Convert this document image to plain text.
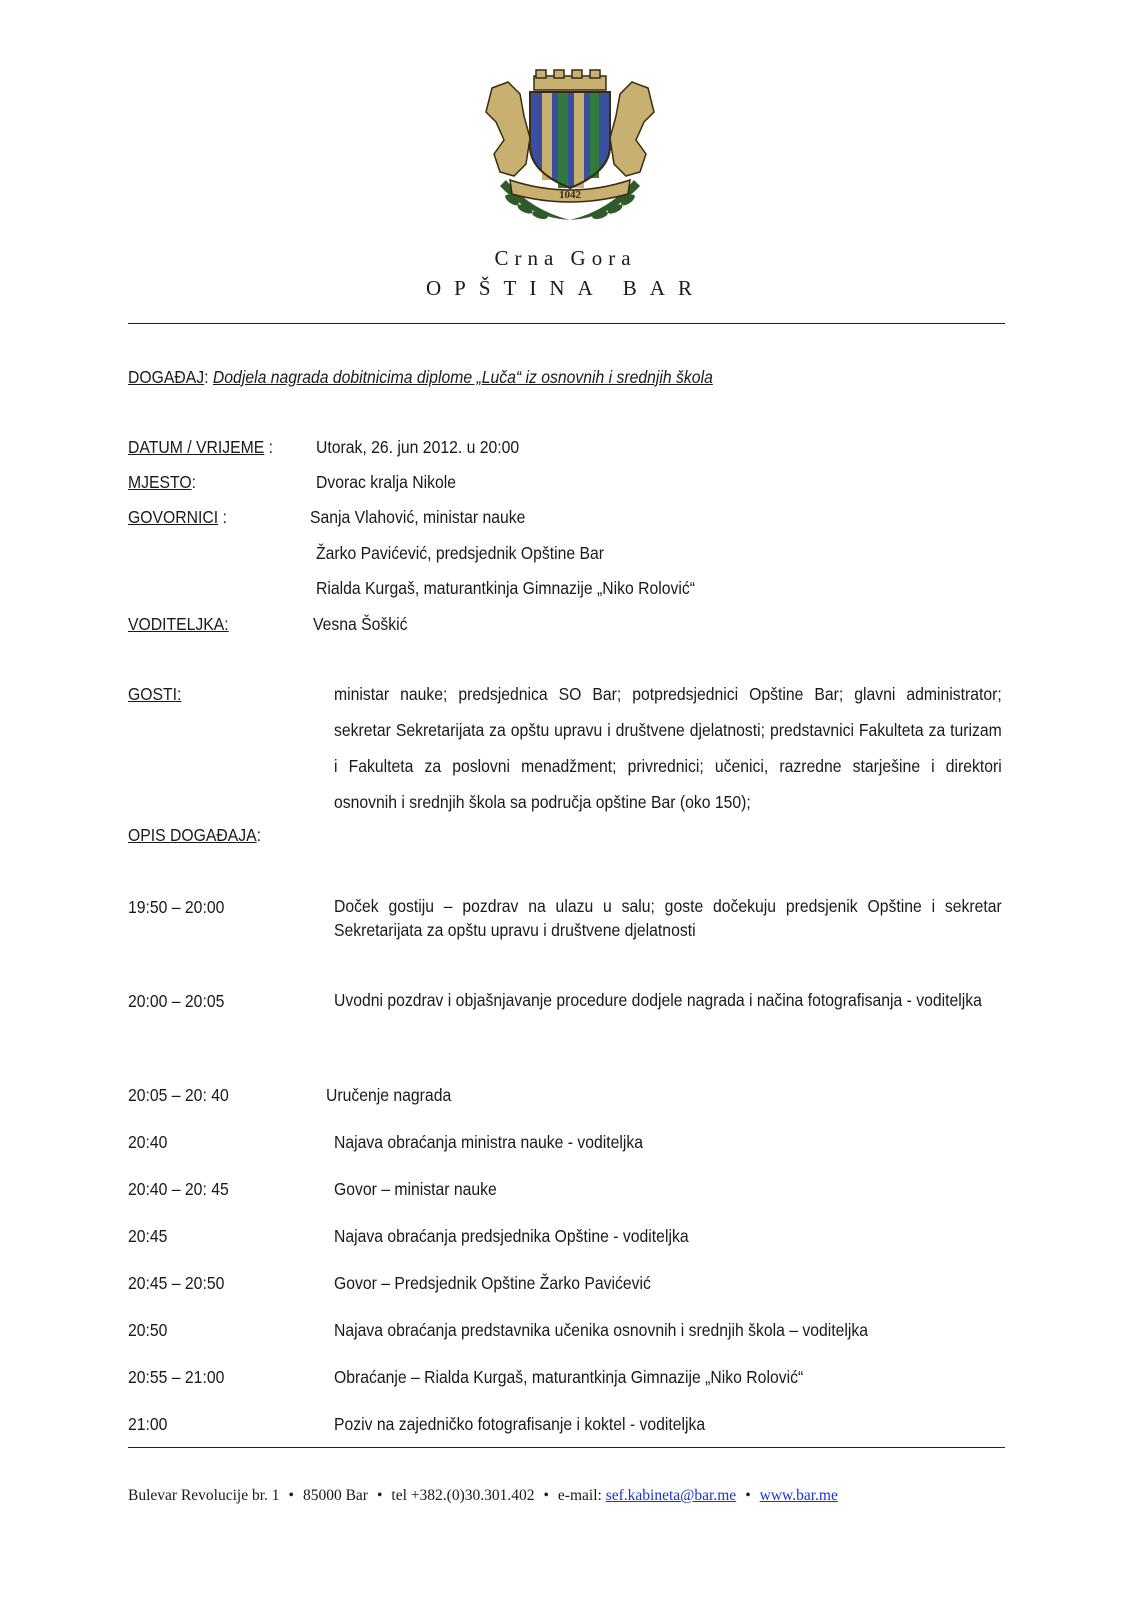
1042
Crna Gora
OPŠTINA BAR
DOGAĐAJ: Dodjela nagrada dobitnicima diplome „Luča“ iz osnovnih i srednjih škola
DATUM / VRIJEME : Utorak, 26. jun 2012. u 20:00
MJESTO:	Dvorac kralja Nikole
GOVORNICI :	Sanja Vlahović, ministar nauke
Žarko Pavićević, predsjednik Opštine Bar
Rialda Kurgaš, maturantkinja Gimnazije „Niko Rolović“
VODITELJKA:	Vesna Šoškić
GOSTI:	ministar nauke; predsjednica SO Bar; potpredsjednici Opštine Bar; glavni administrator; sekretar Sekretarijata za opštu upravu i društvene djelatnosti; predstavnici Fakulteta za turizam i Fakulteta za poslovni menadžment; privrednici; učenici, razredne starješine i direktori osnovnih i srednjih škola sa područja opštine Bar (oko 150);
OPIS DOGAĐAJA:
19:50 – 20:00	Doček gostiju – pozdrav na ulazu u salu; goste dočekuju predsjenik Opštine i sekretar Sekretarijata za opštu upravu i društvene djelatnosti
20:00 – 20:05	Uvodni pozdrav i objašnjavanje procedure dodjele nagrada i načina fotografisanja - voditeljka
20:05 – 20: 40	Uručenje nagrada
20:40	Najava obraćanja ministra nauke - voditeljka
20:40 – 20: 45	Govor – ministar nauke
20:45	Najava obraćanja predsjednika Opštine - voditeljka
20:45 – 20:50	Govor – Predsjednik Opštine Žarko Pavićević
20:50	Najava obraćanja predstavnika učenika osnovnih i srednjih škola – voditeljka
20:55 – 21:00	Obraćanje – Rialda Kurgaš, maturantkinja Gimnazije „Niko Rolović“
21:00	Poziv na zajedničko fotografisanje i koktel - voditeljka
Bulevar Revolucije br. 1 • 85000 Bar • tel +382.(0)30.301.402 • e-mail: sef.kabineta@bar.me • www.bar.me
